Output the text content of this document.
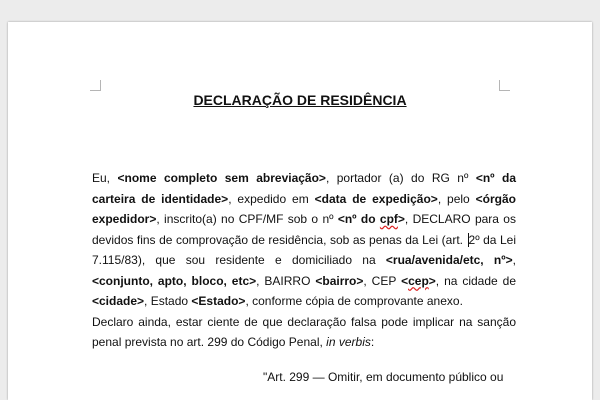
DECLARAÇÃO DE RESIDÊNCIA

Eu, <nome completo sem abreviação>, portador (a) do RG nº <nº da carteira de identidade>, expedido em <data de expedição>, pelo <órgão expedidor>, inscrito(a) no CPF/MF sob o nº <nº do cpf>, DECLARO para os devidos fins de comprovação de residência, sob as penas da Lei (art. 2º da Lei 7.115/83), que sou residente e domiciliado na <rua/avenida/etc, nº>, <conjunto, apto, bloco, etc>, BAIRRO <bairro>, CEP <cep>, na cidade de <cidade>, Estado <Estado>, conforme cópia de comprovante anexo.

Declaro ainda, estar ciente de que declaração falsa pode implicar na sanção penal prevista no art. 299 do Código Penal, in verbis:

"Art. 299 — Omitir, em documento público ou
